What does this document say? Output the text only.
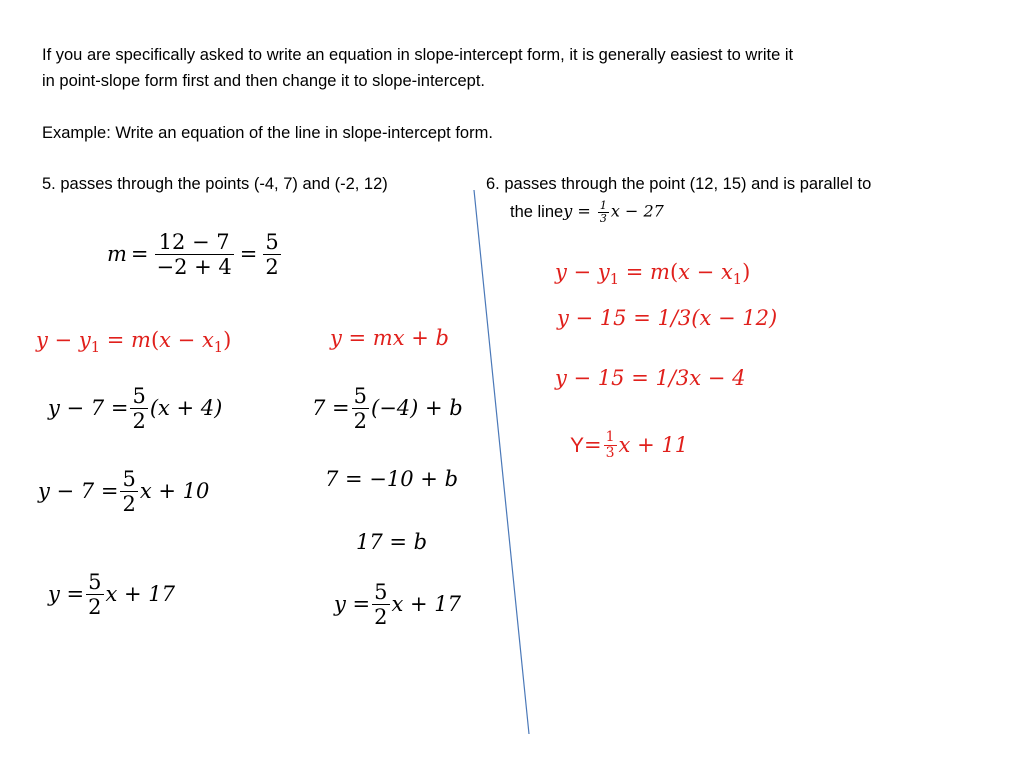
If you are specifically asked to write an equation in slope-intercept form, it is generally easiest to write it
in point-slope form first and then change it to slope-intercept.
Example: Write an equation of the line in slope-intercept form.
5. passes through the points (-4, 7) and (-2, 12)	6. passes through the point (12, 15) and is parallel to
the line $y = \frac{1}{3}$ x − 27
$m = \frac{12 - 7}{-2 + 4} = \frac{5}{2}$
$y - y_1 = m(x - x_1)$	y = mx + b
$y - 7 = \frac{5}{2} (x + 4)$
$y - 7 = \frac{5}{2}$ x + 10
$y = \frac{5}{2}$ x + 17
$7 = \frac{5}{2} (-4) + b$
7 = −10 + b
17 = b
$y = \frac{5}{2}$ x + 17
$y - y_1 = m(x - x_1)$
y − 15 = 1/3(x − 12)
y − 15 = 1/3x − 4
$Y = \frac{1}{3}$ x + 11
